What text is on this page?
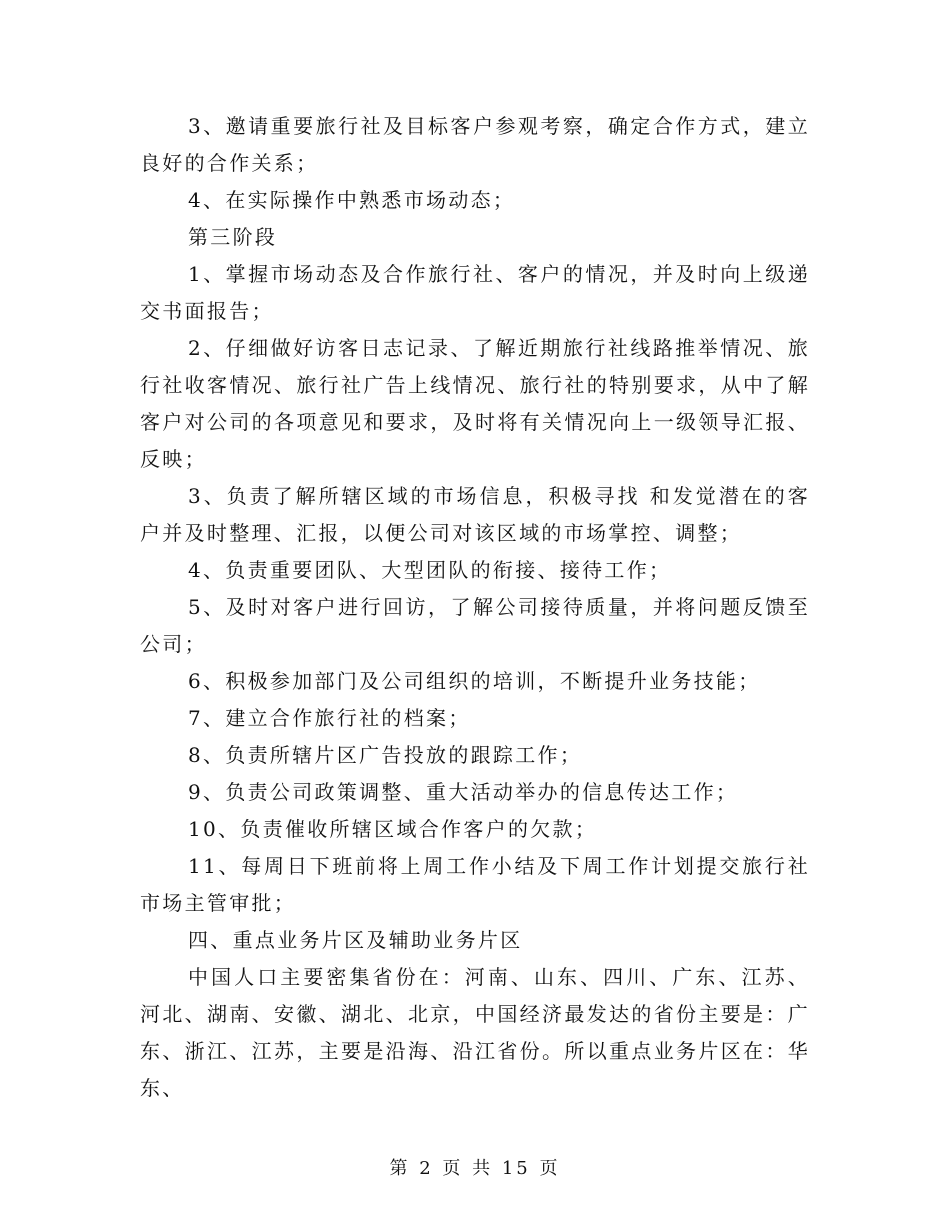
3、邀请重要旅行社及目标客户参观考察，确定合作方式，建立良好的合作关系；

4、在实际操作中熟悉市场动态；

第三阶段

1、掌握市场动态及合作旅行社、客户的情况，并及时向上级递交书面报告；

2、仔细做好访客日志记录、了解近期旅行社线路推举情况、旅行社收客情况、旅行社广告上线情况、旅行社的特别要求，从中了解客户对公司的各项意见和要求，及时将有关情况向上一级领导汇报、反映；

3、负责了解所辖区域的市场信息，积极寻找 和发觉潜在的客户并及时整理、汇报，以便公司对该区域的市场掌控、调整；

4、负责重要团队、大型团队的衔接、接待工作；

5、及时对客户进行回访，了解公司接待质量，并将问题反馈至公司；

6、积极参加部门及公司组织的培训，不断提升业务技能；

7、建立合作旅行社的档案；

8、负责所辖片区广告投放的跟踪工作；

9、负责公司政策调整、重大活动举办的信息传达工作；

10、负责催收所辖区域合作客户的欠款；

11、每周日下班前将上周工作小结及下周工作计划提交旅行社市场主管审批；

四、重点业务片区及辅助业务片区

中国人口主要密集省份在：河南、山东、四川、广东、江苏、河北、湖南、安徽、湖北、北京，中国经济最发达的省份主要是：广东、浙江、江苏，主要是沿海、沿江省份。所以重点业务片区在：华东、

第 2 页 共 15 页
